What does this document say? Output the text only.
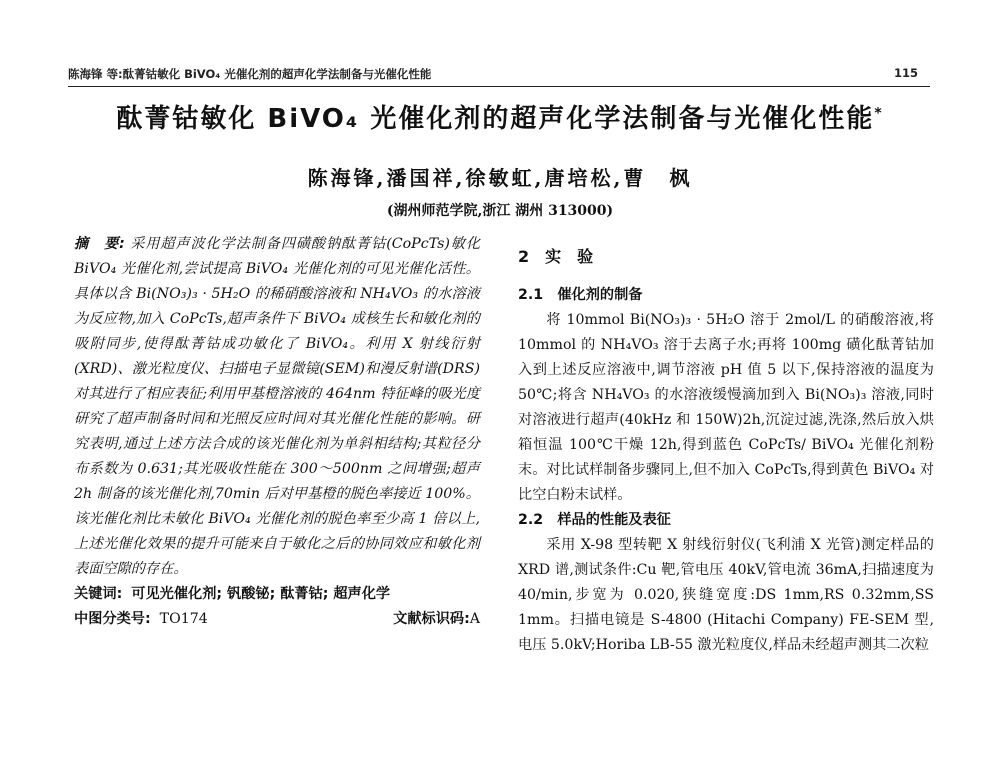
陈海锋 等:酞菁钴敏化 BiVO₄ 光催化剂的超声化学法制备与光催化性能	115
酞菁钴敏化 BiVO₄ 光催化剂的超声化学法制备与光催化性能*
陈海锋,潘国祥,徐敏虹,唐培松,曹　枫
(湖州师范学院,浙江 湖州 313000)

摘　要: 采用超声波化学法制备四磺酸钠酞菁钴(CoPcTs)敏化 BiVO₄ 光催化剂,尝试提高 BiVO₄ 光催化剂的可见光催化活性。具体以含 Bi(NO₃)₃ · 5H₂O 的稀硝酸溶液和 NH₄VO₃ 的水溶液为反应物,加入 CoPcTs,超声条件下 BiVO₄ 成核生长和敏化剂的吸附同步,使得酞菁钴成功敏化了 BiVO₄。利用 X 射线衍射(XRD)、激光粒度仪、扫描电子显微镜(SEM)和漫反射谱(DRS)对其进行了相应表征;利用甲基橙溶液的 464nm 特征峰的吸光度研究了超声制备时间和光照反应时间对其光催化性能的影响。研究表明,通过上述方法合成的该光催化剂为单斜相结构;其粒径分布系数为 0.631;其光吸收性能在 300～500nm 之间增强;超声 2h 制备的该光催化剂,70min 后对甲基橙的脱色率接近 100%。该光催化剂比未敏化 BiVO₄ 光催化剂的脱色率至少高 1 倍以上,上述光催化效果的提升可能来自于敏化之后的协同效应和敏化剂表面空隙的存在。

关键词: 可见光催化剂; 钒酸铋; 酞菁钴; 超声化学

中图分类号: TO174	文献标识码:A

2　实　验

2.1　催化剂的制备

将 10mmol Bi(NO₃)₃ · 5H₂O 溶于 2mol/L 的硝酸溶液,将 10mmol 的 NH₄VO₃ 溶于去离子水;再将 100mg 磺化酞菁钴加入到上述反应溶液中,调节溶液 pH 值 5 以下,保持溶液的温度为 50℃;将含 NH₄VO₃ 的水溶液缓慢滴加到入 Bi(NO₃)₃ 溶液,同时对溶液进行超声(40kHz 和 150W)2h,沉淀过滤,洗涤,然后放入烘箱恒温 100℃干燥 12h,得到蓝色 CoPcTs/ BiVO₄ 光催化剂粉末。对比试样制备步骤同上,但不加入 CoPcTs,得到黄色 BiVO₄ 对比空白粉末试样。

2.2　样品的性能及表征

采用 X-98 型转靶 X 射线衍射仪(飞利浦 X 光管)测定样品的 XRD 谱,测试条件:Cu 靶,管电压 40kV,管电流 36mA,扫描速度为 40/min,步宽为 0.020,狭缝宽度:DS 1mm,RS 0.32mm,SS 1mm。扫描电镜是 S-4800 (Hitachi Company) FE-SEM 型,电压 5.0kV;Horiba LB-55 激光粒度仪,样品未经超声测其二次粒
